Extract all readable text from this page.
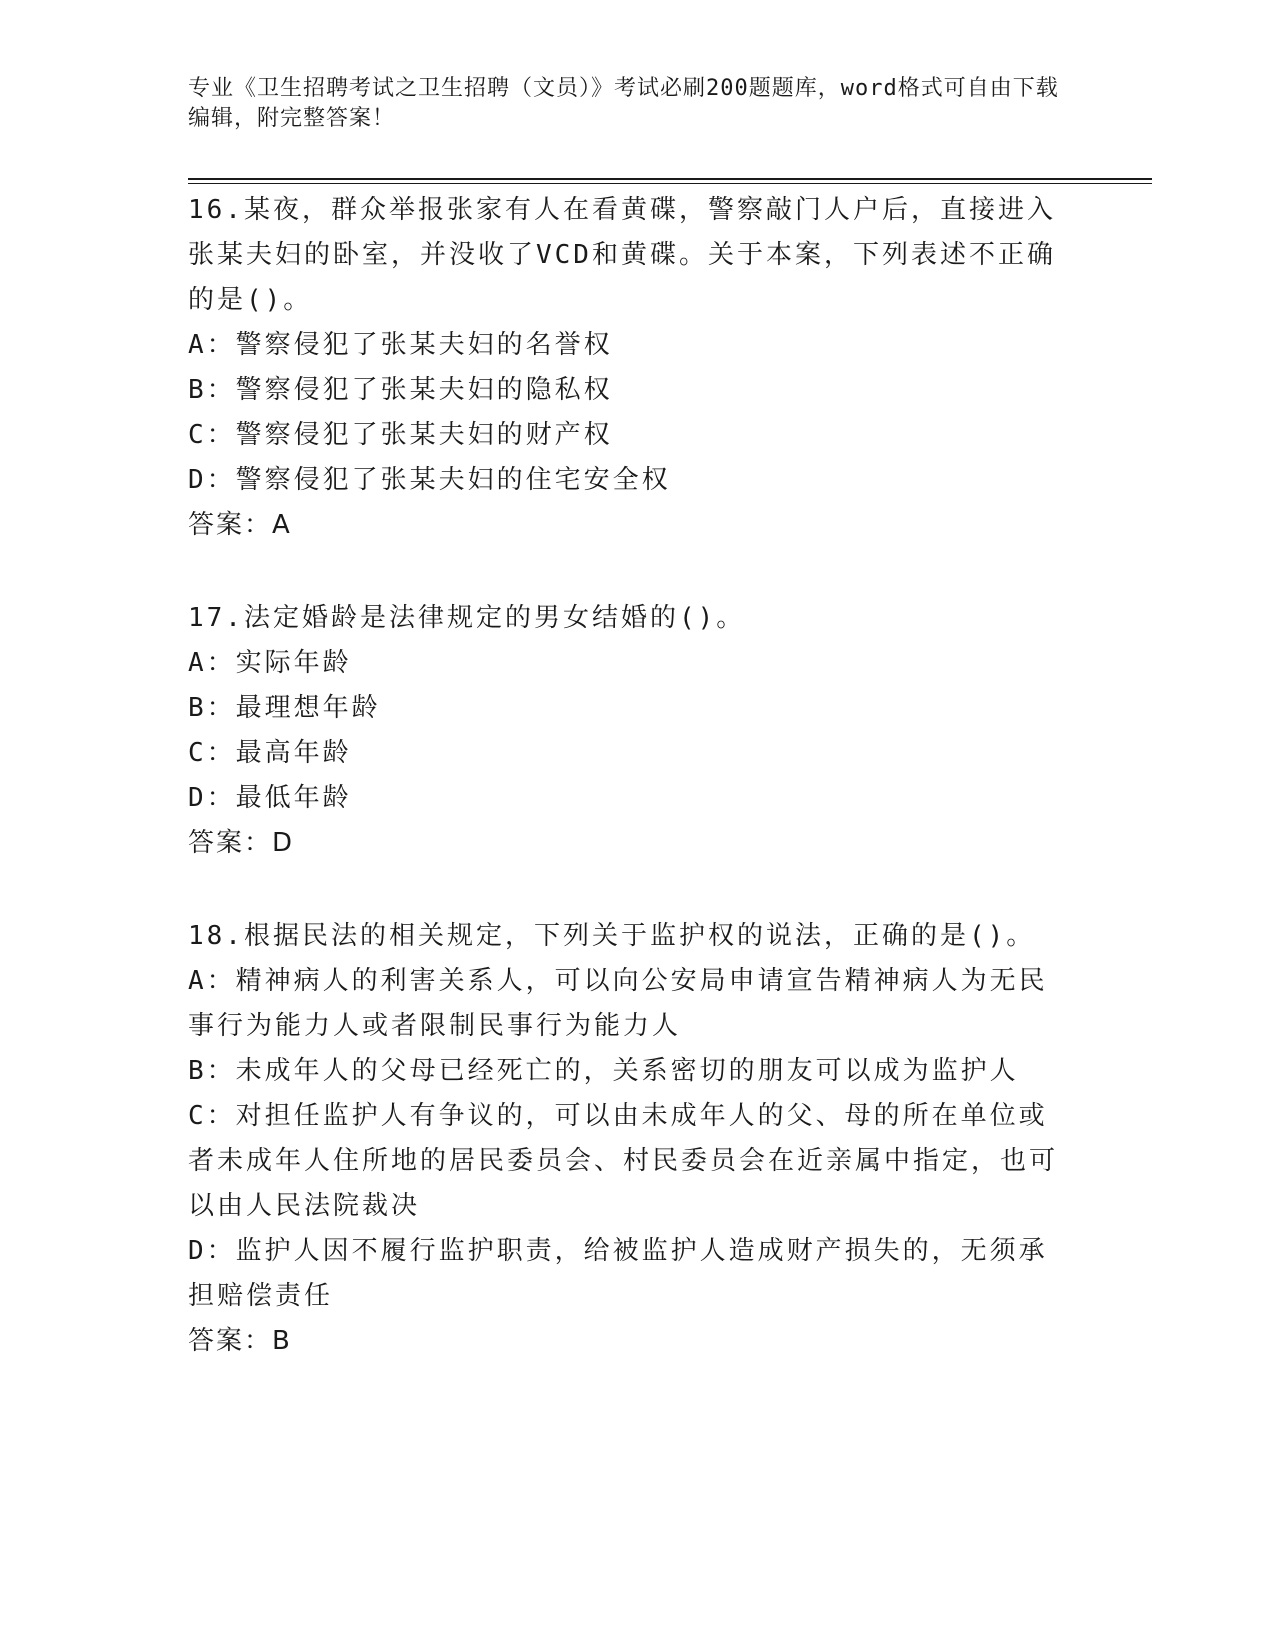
专业《卫生招聘考试之卫生招聘（文员）》考试必刷200题题库，word格式可自由下载编辑，附完整答案！

16.某夜，群众举报张家有人在看黄碟，警察敲门人户后，直接进入张某夫妇的卧室，并没收了VCD和黄碟。关于本案，下列表述不正确的是()。

A：警察侵犯了张某夫妇的名誉权

B：警察侵犯了张某夫妇的隐私权

C：警察侵犯了张某夫妇的财产权

D：警察侵犯了张某夫妇的住宅安全权

答案：A

17.法定婚龄是法律规定的男女结婚的()。

A：实际年龄

B：最理想年龄

C：最高年龄

D：最低年龄

答案：D

18.根据民法的相关规定，下列关于监护权的说法，正确的是()。

A：精神病人的利害关系人，可以向公安局申请宣告精神病人为无民事行为能力人或者限制民事行为能力人

B：未成年人的父母已经死亡的，关系密切的朋友可以成为监护人

C：对担任监护人有争议的，可以由未成年人的父、母的所在单位或者未成年人住所地的居民委员会、村民委员会在近亲属中指定，也可以由人民法院裁决

D：监护人因不履行监护职责，给被监护人造成财产损失的，无须承担赔偿责任

答案：B
